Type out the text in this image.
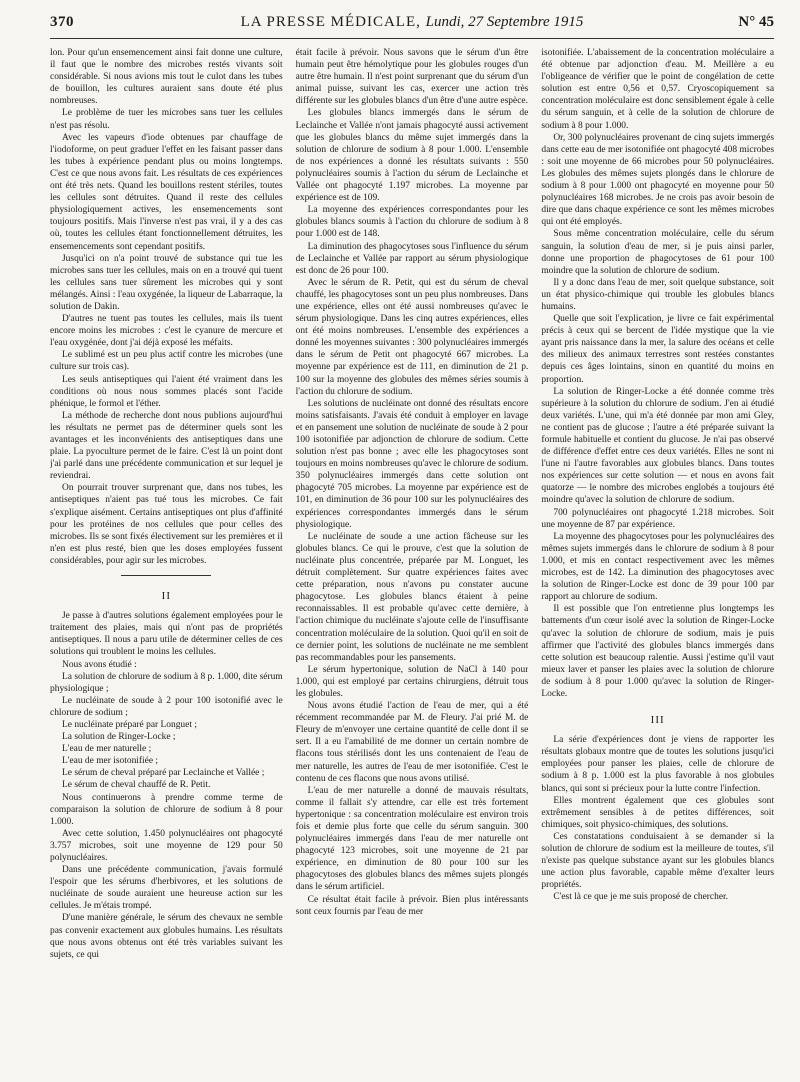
370	LA PRESSE MÉDICALE, Lundi, 27 Septembre 1915	N° 45

lon. Pour qu'un ensemencement ainsi fait donne une culture, il faut que le nombre des microbes restés vivants soit considérable. Si nous avions mis tout le culot dans les tubes de bouillon, les cultures auraient sans doute été plus nombreuses.

Le problème de tuer les microbes sans tuer les cellules n'est pas résolu.

Avec les vapeurs d'iode obtenues par chauffage de l'iodoforme, on peut graduer l'effet en les faisant passer dans les tubes à expérience pendant plus ou moins longtemps. C'est ce que nous avons fait. Les résultats de ces expériences ont été très nets. Quand les bouillons restent stériles, toutes les cellules sont détruites. Quand il reste des cellules physiologiquement actives, les ensemencements sont toujours positifs. Mais l'inverse n'est pas vrai, il y a des cas où, toutes les cellules étant fonctionnellement détruites, les ensemencements sont cependant positifs.

Jusqu'ici on n'a point trouvé de substance qui tue les microbes sans tuer les cellules, mais on en a trouvé qui tuent les cellules sans tuer sûrement les microbes qui y sont mélangés. Ainsi : l'eau oxygénée, la liqueur de Labarraque, la solution de Dakin.

D'autres ne tuent pas toutes les cellules, mais ils tuent encore moins les microbes : c'est le cyanure de mercure et l'eau oxygénée, dont j'ai déjà exposé les méfaits.

Le sublimé est un peu plus actif contre les microbes (une culture sur trois cas).

Les seuls antiseptiques qui l'aient été vraiment dans les conditions où nous nous sommes placés sont l'acide phénique, le formol et l'éther.

La méthode de recherche dont nous publions aujourd'hui les résultats ne permet pas de déterminer quels sont les avantages et les inconvénients des antiseptiques dans une plaie. La pyoculture permet de le faire. C'est là un point dont j'ai parlé dans une précédente communication et sur lequel je reviendrai.

On pourrait trouver surprenant que, dans nos tubes, les antiseptiques n'aient pas tué tous les microbes. Ce fait s'explique aisément. Certains antiseptiques ont plus d'affinité pour les protéines de nos cellules que pour celles des microbes. Ils se sont fixés électivement sur les premières et il n'en est plus resté, bien que les doses employées fussent considérables, pour agir sur les microbes.

II

Je passe à d'autres solutions également employées pour le traitement des plaies, mais qui n'ont pas de propriétés antiseptiques. Il nous a paru utile de déterminer celles de ces solutions qui troublent le moins les cellules.

Nous avons étudié :

La solution de chlorure de sodium à 8 p. 1.000, dite sérum physiologique ;

Le nucléinate de soude à 2 pour 100 isotonifié avec le chlorure de sodium ;

Le nucléinate préparé par Longuet ;

La solution de Ringer-Locke ;

L'eau de mer naturelle ;

L'eau de mer isotonifiée ;

Le sérum de cheval préparé par Leclainche et Vallée ;

Le sérum de cheval chauffé de R. Petit.

Nous continuerons à prendre comme terme de comparaison la solution de chlorure de sodium à 8 pour 1.000.

Avec cette solution, 1.450 polynucléaires ont phagocyté 3.757 microbes, soit une moyenne de 129 pour 50 polynucléaires.

Dans une précédente communication, j'avais formulé l'espoir que les sérums d'herbivores, et les solutions de nucléinate de soude auraient une heureuse action sur les cellules. Je m'étais trompé.

D'une manière générale, le sérum des chevaux ne semble pas convenir exactement aux globules humains. Les résultats que nous avons obtenus ont été très variables suivant les sujets, ce qui

était facile à prévoir. Nous savons que le sérum d'un être humain peut être hémolytique pour les globules rouges d'un autre être humain. Il n'est point surprenant que du sérum d'un animal puisse, suivant les cas, exercer une action très différente sur les globules blancs d'un être d'une autre espèce.

Les globules blancs immergés dans le sérum de Leclainche et Vallée n'ont jamais phagocyté aussi activement que les globules blancs du même sujet immergés dans la solution de chlorure de sodium à 8 pour 1.000. L'ensemble de nos expériences a donné les résultats suivants : 550 polynucléaires soumis à l'action du sérum de Leclainche et Vallée ont phagocyté 1.197 microbes. La moyenne par expérience est de 109.

La moyenne des expériences correspondantes pour les globules blancs soumis à l'action du chlorure de sodium à 8 pour 1.000 est de 148.

La diminution des phagocytoses sous l'influence du sérum de Leclainche et Vallée par rapport au sérum physiologique est donc de 26 pour 100.

Avec le sérum de R. Petit, qui est du sérum de cheval chauffé, les phagocytoses sont un peu plus nombreuses. Dans une expérience, elles ont été aussi nombreuses qu'avec le sérum physiologique. Dans les cinq autres expériences, elles ont été moins nombreuses. L'ensemble des expériences a donné les moyennes suivantes : 300 polynucléaires immergés dans le sérum de Petit ont phagocyté 667 microbes. La moyenne par expérience est de 111, en diminution de 21 p. 100 sur la moyenne des globules des mêmes séries soumis à l'action du chlorure de sodium.

Les solutions de nucléinate ont donné des résultats encore moins satisfaisants. J'avais été conduit à employer en lavage et en pansement une solution de nucléinate de soude à 2 pour 100 isotonifiée par adjonction de chlorure de sodium. Cette solution n'est pas bonne ; avec elle les phagocytoses sont toujours en moins nombreuses qu'avec le chlorure de sodium. 350 polynucléaires immergés dans cette solution ont phagocyté 705 microbes. La moyenne par expérience est de 101, en diminution de 36 pour 100 sur les polynucléaires des expériences correspondantes immergés dans le sérum physiologique.

Le nucléinate de soude a une action fâcheuse sur les globules blancs. Ce qui le prouve, c'est que la solution de nucléinate plus concentrée, préparée par M. Longuet, les détruit complètement. Sur quatre expériences faites avec cette préparation, nous n'avons pu constater aucune phagocytose. Les globules blancs étaient à peine reconnaissables. Il est probable qu'avec cette dernière, à l'action chimique du nucléinate s'ajoute celle de l'insuffisante concentration moléculaire de la solution. Quoi qu'il en soit de ce dernier point, les solutions de nucléinate ne me semblent pas recommandables pour les pansements.

Le sérum hypertonique, solution de NaCl à 140 pour 1.000, qui est employé par certains chirurgiens, détruit tous les globules.

Nous avons étudié l'action de l'eau de mer, qui a été récemment recommandée par M. de Fleury. J'ai prié M. de Fleury de m'envoyer une certaine quantité de celle dont il se sert. Il a eu l'amabilité de me donner un certain nombre de flacons tous stérilisés dont les uns contenaient de l'eau de mer naturelle, les autres de l'eau de mer isotonifiée. C'est le contenu de ces flacons que nous avons utilisé.

L'eau de mer naturelle a donné de mauvais résultats, comme il fallait s'y attendre, car elle est très fortement hypertonique : sa concentration moléculaire est environ trois fois et demie plus forte que celle du sérum sanguin. 300 polynucléaires immergés dans l'eau de mer naturelle ont phagocyté 123 microbes, soit une moyenne de 21 par expérience, en diminution de 80 pour 100 sur les phagocytoses des globules blancs des mêmes sujets plongés dans le sérum artificiel.

Ce résultat était facile à prévoir. Bien plus intéressants sont ceux fournis par l'eau de mer

isotonifiée. L'abaissement de la concentration moléculaire a été obtenue par adjonction d'eau. M. Meillère a eu l'obligeance de vérifier que le point de congélation de cette solution est entre 0,56 et 0,57. Cryoscopiquement sa concentration moléculaire est donc sensiblement égale à celle du sérum sanguin, et à celle de la solution de chlorure de sodium à 8 pour 1.000.

Or, 300 polynucléaires provenant de cinq sujets immergés dans cette eau de mer isotonifiée ont phagocyté 408 microbes : soit une moyenne de 66 microbes pour 50 polynucléaires. Les globules des mêmes sujets plongés dans le chlorure de sodium à 8 pour 1.000 ont phagocyté en moyenne pour 50 polynucléaires 168 microbes. Je ne crois pas avoir besoin de dire que dans chaque expérience ce sont les mêmes microbes qui ont été employés.

Sous même concentration moléculaire, celle du sérum sanguin, la solution d'eau de mer, si je puis ainsi parler, donne une proportion de phagocytoses de 61 pour 100 moindre que la solution de chlorure de sodium.

Il y a donc dans l'eau de mer, soit quelque substance, soit un état physico-chimique qui trouble les globules blancs humains.

Quelle que soit l'explication, je livre ce fait expérimental précis à ceux qui se bercent de l'idée mystique que la vie ayant pris naissance dans la mer, la salure des océans et celle des milieux des animaux terrestres sont restées constantes depuis ces âges lointains, sinon en quantité du moins en proportion.

La solution de Ringer-Locke a été donnée comme très supérieure à la solution du chlorure de sodium. J'en ai étudié deux variétés. L'une, qui m'a été donnée par mon ami Gley, ne contient pas de glucose ; l'autre a été préparée suivant la formule habituelle et contient du glucose. Je n'ai pas observé de différence d'effet entre ces deux variétés. Elles ne sont ni l'une ni l'autre favorables aux globules blancs. Dans toutes nos expériences sur cette solution — et nous en avons fait quatorze — le nombre des microbes englobés a toujours été moindre qu'avec la solution de chlorure de sodium.

700 polynucléaires ont phagocyté 1.218 microbes. Soit une moyenne de 87 par expérience.

La moyenne des phagocytoses pour les polynucléaires des mêmes sujets immergés dans le chlorure de sodium à 8 pour 1.000, et mis en contact respectivement avec les mêmes microbes, est de 142. La diminution des phagocytoses avec la solution de Ringer-Locke est donc de 39 pour 100 par rapport au chlorure de sodium.

Il est possible que l'on entretienne plus longtemps les battements d'un cœur isolé avec la solution de Ringer-Locke qu'avec la solution de chlorure de sodium, mais je puis affirmer que l'activité des globules blancs immergés dans cette solution est beaucoup ralentie. Aussi j'estime qu'il vaut mieux laver et panser les plaies avec la solution de chlorure de sodium à 8 pour 1.000 qu'avec la solution de Ringer-Locke.

III

La série d'expériences dont je viens de rapporter les résultats globaux montre que de toutes les solutions jusqu'ici employées pour panser les plaies, celle de chlorure de sodium à 8 p. 1.000 est la plus favorable à nos globules blancs, qui sont si précieux pour la lutte contre l'infection.

Elles montrent également que ces globules sont extrêmement sensibles à de petites différences, soit chimiques, soit physico-chimiques, des solutions.

Ces constatations conduisaient à se demander si la solution de chlorure de sodium est la meilleure de toutes, s'il n'existe pas quelque substance ayant sur les globules blancs une action plus favorable, capable même d'exalter leurs propriétés.

C'est là ce que je me suis proposé de chercher.
